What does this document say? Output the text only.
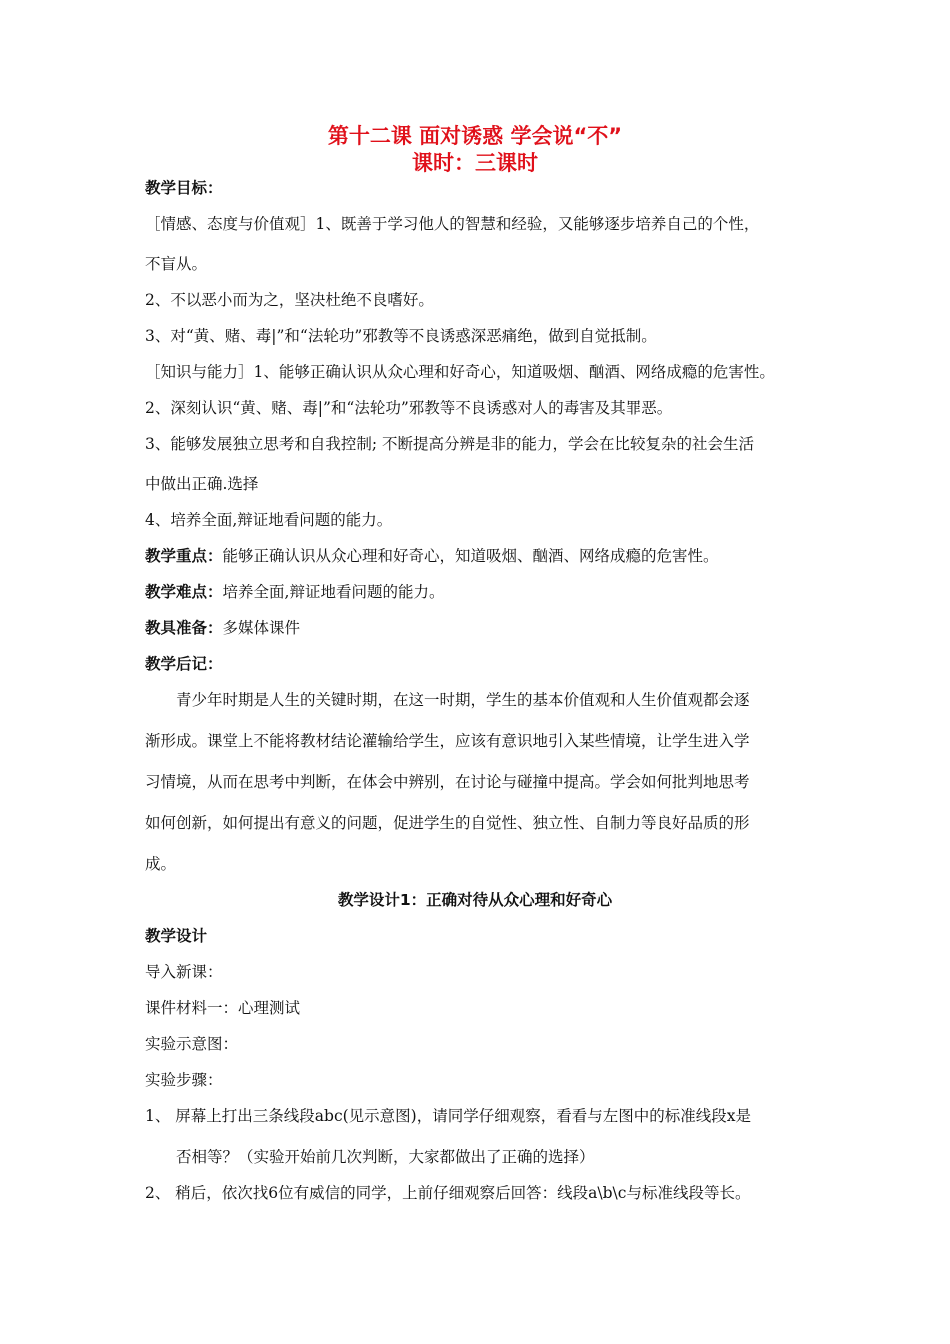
第十二课 面对诱惑 学会说“不”
课时：三课时
教学目标：
［情感、态度与价值观］1、既善于学习他人的智慧和经验，又能够逐步培养自己的个性，
不盲从。
2、不以恶小而为之，坚决杜绝不良嗜好。
3、对“黄、赌、毒|”和“法轮功”邪教等不良诱惑深恶痛绝，做到自觉抵制。
［知识与能力］1、能够正确认识从众心理和好奇心，知道吸烟、酗酒、网络成瘾的危害性。
2、深刻认识“黄、赌、毒|”和“法轮功”邪教等不良诱惑对人的毒害及其罪恶。
3、能够发展独立思考和自我控制; 不断提高分辨是非的能力，学会在比较复杂的社会生活
中做出正确.选择
4、培养全面,辩证地看问题的能力。
教学重点：能够正确认识从众心理和好奇心，知道吸烟、酗酒、网络成瘾的危害性。
教学难点：培养全面,辩证地看问题的能力。
教具准备：多媒体课件
教学后记：
青少年时期是人生的关键时期，在这一时期，学生的基本价值观和人生价值观都会逐
渐形成。课堂上不能将教材结论灌输给学生，应该有意识地引入某些情境，让学生进入学
习情境，从而在思考中判断，在体会中辨别，在讨论与碰撞中提高。学会如何批判地思考
如何创新，如何提出有意义的问题，促进学生的自觉性、独立性、自制力等良好品质的形
成。
教学设计1：正确对待从众心理和好奇心
教学设计
导入新课：
课件材料一：心理测试
实验示意图：
实验步骤：
1、 屏幕上打出三条线段abc(见示意图)，请同学仔细观察，看看与左图中的标准线段x是
否相等？（实验开始前几次判断，大家都做出了正确的选择）
2、 稍后，依次找6位有威信的同学，上前仔细观察后回答：线段a\b\c与标准线段等长。
